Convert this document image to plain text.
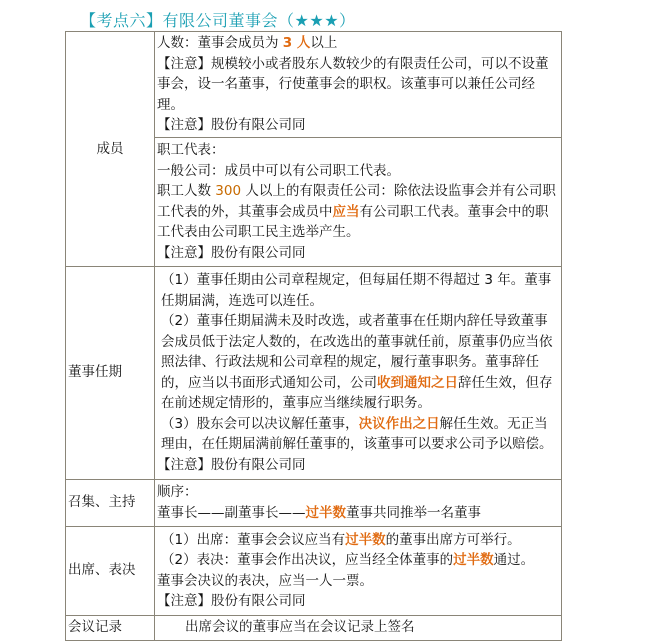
【考点六】有限公司董事会（★★★）
成员	人数：董事会成员为 3 人以上

【注意】规模较小或者股东人数较少的有限责任公司，可以不设董事会，设一名董事，行使董事会的职权。该董事可以兼任公司经理。

【注意】股份有限公司同

	职工代表：

一般公司：成员中可以有公司职工代表。

职工人数 300 人以上的有限责任公司：除依法设监事会并有公司职工代表的外，其董事会成员中应当有公司职工代表。董事会中的职工代表由公司职工民主选举产生。

【注意】股份有限公司同

董事任期	（1）董事任期由公司章程规定，但每届任期不得超过 3 年。董事任期届满，连选可以连任。

（2）董事任期届满未及时改选，或者董事在任期内辞任导致董事会成员低于法定人数的，在改选出的董事就任前，原董事仍应当依照法律、行政法规和公司章程的规定，履行董事职务。董事辞任的，应当以书面形式通知公司，公司收到通知之日辞任生效，但存在前述规定情形的，董事应当继续履行职务。

（3）股东会可以决议解任董事，决议作出之日解任生效。无正当理由，在任期届满前解任董事的，该董事可以要求公司予以赔偿。

【注意】股份有限公司同

召集、主持	顺序：

董事长——副董事长——过半数董事共同推举一名董事

出席、表决	（1）出席：董事会会议应当有过半数的董事出席方可举行。

（2）表决：董事会作出决议，应当经全体董事的过半数通过。

董事会决议的表决，应当一人一票。

【注意】股份有限公司同

会议记录	出席会议的董事应当在会议记录上签名
